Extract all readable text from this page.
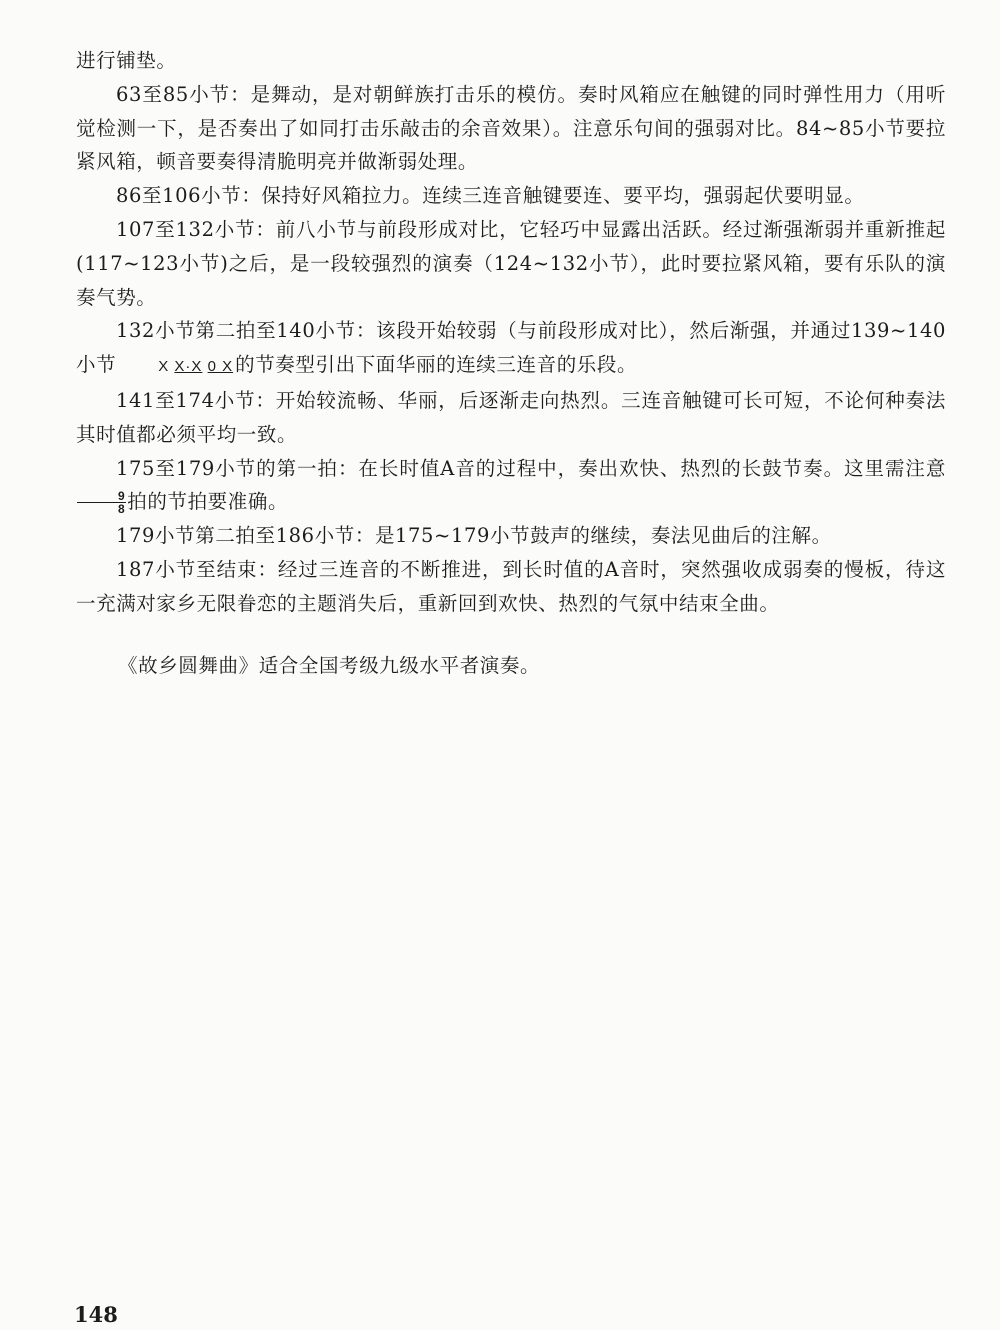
进行铺垫。

63至85小节：是舞动，是对朝鲜族打击乐的模仿。奏时风箱应在触键的同时弹性用力（用听觉检测一下，是否奏出了如同打击乐敲击的余音效果）。注意乐句间的强弱对比。84~85小节要拉紧风箱，顿音要奏得清脆明亮并做渐弱处理。

86至106小节：保持好风箱拉力。连续三连音触键要连、要平均，强弱起伏要明显。

107至132小节：前八小节与前段形成对比，它轻巧中显露出活跃。经过渐强渐弱并重新推起(117~123小节)之后，是一段较强烈的演奏（124~132小节），此时要拉紧风箱，要有乐队的演奏气势。

132小节第二拍至140小节：该段开始较弱（与前段形成对比），然后渐强，并通过139~140小节	X X·X 0 X 的节奏型引出下面华丽的连续三连音的乐段。

141至174小节：开始较流畅、华丽，后逐渐走向热烈。三连音触键可长可短，不论何种奏法其时值都必须平均一致。

175至179小节的第一拍：在长时值A音的过程中，奏出欢快、热烈的长鼓节奏。这里需注意
$\frac{9}{8}$ 拍的节拍要准确。

179小节第二拍至186小节：是175~179小节鼓声的继续，奏法见曲后的注解。

187小节至结束：经过三连音的不断推进，到长时值的A音时，突然强收成弱奏的慢板，待这一充满对家乡无限眷恋的主题消失后，重新回到欢快、热烈的气氛中结束全曲。

《故乡圆舞曲》适合全国考级九级水平者演奏。
148
